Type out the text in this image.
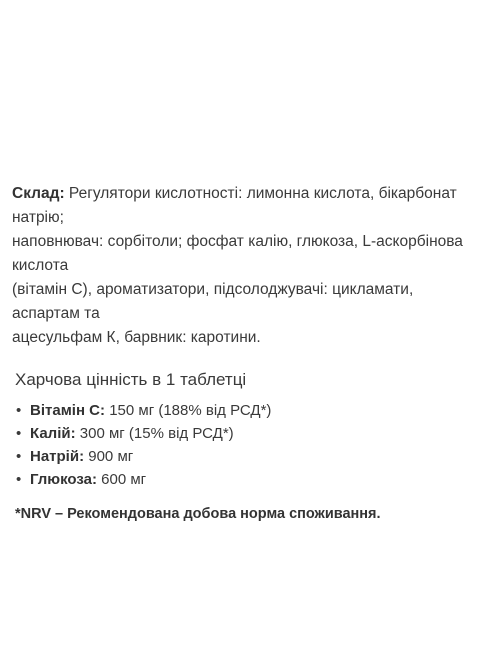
Склад: Регулятори кислотності: лимонна кислота, бікарбонат натрію;
наповнювач: сорбітоли; фосфат калію, глюкоза, L-аскорбінова кислота
(вітамін С), ароматизатори, підсолоджувачі: цикламати, аспартам та
ацесульфам К, барвник: каротини.

Харчова цінність в 1 таблетці
• Вітамін С: 150 мг (188% від РСД*)
• Калій: 300 мг (15% від РСД*)
• Натрій: 900 мг
• Глюкоза: 600 мг

*NRV – Рекомендована добова норма споживання.
